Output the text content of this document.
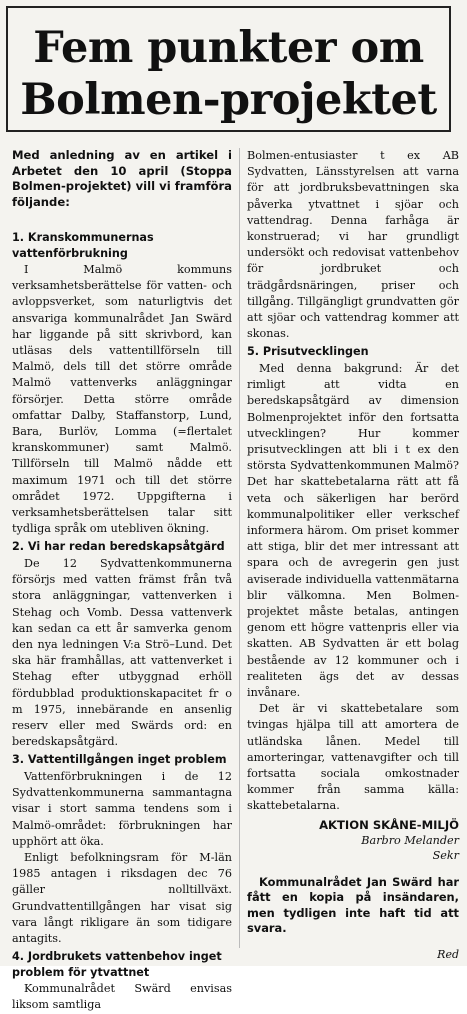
Fem punkter om
Bolmen-projektet
Med anledning av en artikel i Arbetet den 10 april (Stoppa Bolmen-projektet) vill vi framföra följande:
1. Kranskommunernas vattenförbrukning

I Malmö kommuns verksamhetsberättelse för vatten- och avloppsverket, som naturligtvis det ansvariga kommunalrådet Jan Swärd har liggande på sitt skrivbord, kan utläsas dels vattentillförseln till Malmö, dels till det större område Malmö vattenverks anläggningar försörjer. Detta större område omfattar Dalby, Staffanstorp, Lund, Bara, Burlöv, Lomma (=flertalet kranskommuner) samt Malmö. Tillförseln till Malmö nådde ett maximum 1971 och till det större området 1972. Uppgifterna i verksamhetsberättelsen talar sitt tydliga språk om utebliven ökning.

2. Vi har redan beredskapsåtgärd

De 12 Sydvattenkommunerna försörjs med vatten främst från två stora anläggningar, vattenverken i Stehag och Vomb. Dessa vattenverk kan sedan ca ett år samverka genom den nya ledningen V:a Strö–Lund. Det ska här framhållas, att vattenverket i Stehag efter utbyggnad erhöll fördubblad produktionskapacitet fr o m 1975, innebärande en ansenlig reserv eller med Swärds ord: en beredskapsåtgärd.

3. Vattentillgången inget problem

Vattenförbrukningen i de 12 Sydvattenkommunerna sammantagna visar i stort samma tendens som i Malmö-området: förbrukningen har upphört att öka.

Enligt befolkningsram för M-län 1985 antagen i riksdagen dec 76 gäller nolltillväxt. Grundvattentillgången har visat sig vara långt rikligare än som tidigare antagits.

4. Jordbrukets vattenbehov inget problem för ytvattnet

Kommunalrådet Swärd envisas liksom samtliga

Bolmen-entusiaster t ex AB Sydvatten, Länsstyrelsen att varna för att jordbruksbevattningen ska påverka ytvattnet i sjöar och vattendrag. Denna farhåga är konstruerad; vi har grundligt undersökt och redovisat vattenbehov för jordbruket och trädgårdsnäringen, priser och tillgång. Tillgängligt grundvatten gör att sjöar och vattendrag kommer att skonas.

5. Prisutvecklingen

Med denna bakgrund: Är det rimligt att vidta en beredskapsåtgärd av dimension Bolmenprojektet inför den fortsatta utvecklingen? Hur kommer prisutvecklingen att bli i t ex den största Sydvattenkommunen Malmö? Det har skattebetalarna rätt att få veta och säkerligen har berörd kommunalpolitiker eller verkschef informera härom. Om priset kommer att stiga, blir det mer intressant att spara och de avregerin gen just aviserade individuella vattenmätarna blir välkomna. Men Bolmen-projektet måste betalas, antingen genom ett högre vattenpris eller via skatten. AB Sydvatten är ett bolag bestående av 12 kommuner och i realiteten ägs det av dessas invånare.

Det är vi skattebetalare som tvingas hjälpa till att amortera de utländska lånen. Medel till amorteringar, vattenavgifter och till fortsatta sociala omkostnader kommer från samma källa: skattebetalarna.

AKTION SKÅNE-MILJÖ
Barbro Melander
Sekr
Kommunalrådet Jan Swärd har fått en kopia på insändaren, men tydligen inte haft tid att svara.
Red
